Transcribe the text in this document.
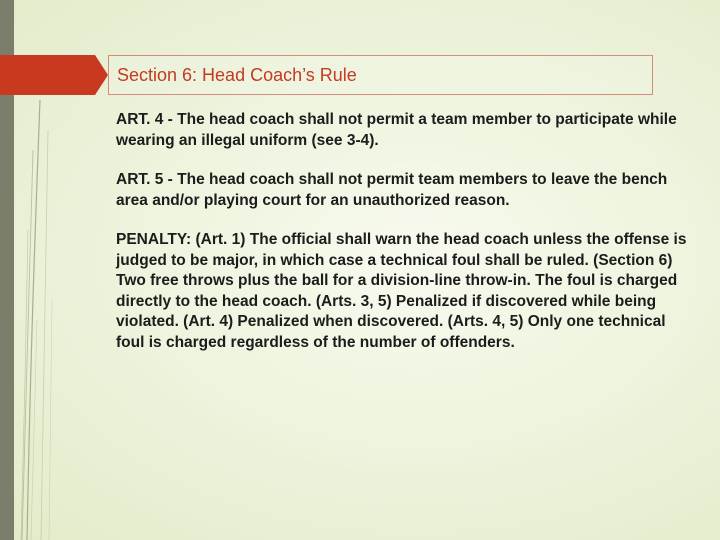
Section 6: Head Coach’s Rule

ART. 4 - The head coach shall not permit a team member to participate while wearing an illegal uniform (see 3-4).

ART. 5 - The head coach shall not permit team members to leave the bench area and/or playing court for an unauthorized reason.

PENALTY: (Art. 1) The official shall warn the head coach unless the offense is judged to be major, in which case a technical foul shall be ruled. (Section 6) Two free throws plus the ball for a division-line throw-in. The foul is charged directly to the head coach. (Arts. 3, 5) Penalized if discovered while being violated. (Art. 4) Penalized when discovered. (Arts. 4, 5) Only one technical foul is charged regardless of the number of offenders.
